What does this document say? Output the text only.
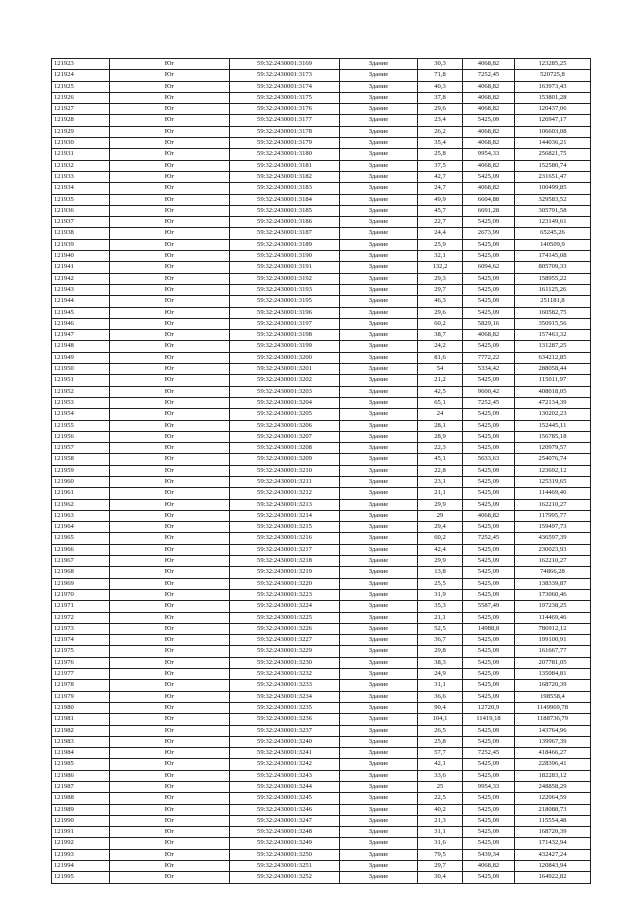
121923	Юг	59:32:2430001:3169	Здание	30,3	4068,82	123285,25
121924	Юг	59:32:2430001:3173	Здание	71,8	7252,45	520725,8
121925	Юг	59:32:2430001:3174	Здание	40,3	4068,82	163973,43
121926	Юг	59:32:2430001:3175	Здание	37,8	4068,82	153801,28
121927	Юг	59:32:2430001:3176	Здание	29,6	4068,82	120437,06
121928	Юг	59:32:2430001:3177	Здание	23,4	5425,09	126947,17
121929	Юг	59:32:2430001:3178	Здание	26,2	4068,82	106603,08
121930	Юг	59:32:2430001:3179	Здание	35,4	4068,82	144036,21
121931	Юг	59:32:2430001:3180	Здание	25,8	9954,33	256821,75
121932	Юг	59:32:2430001:3181	Здание	37,5	4068,82	152580,74
121933	Юг	59:32:2430001:3182	Здание	42,7	5425,09	231651,47
121934	Юг	59:32:2430001:3183	Здание	24,7	4068,82	100499,85
121935	Юг	59:32:2430001:3184	Здание	49,9	6604,88	329583,52
121936	Юг	59:32:2430001:3185	Здание	45,7	6691,28	305791,58
121937	Юг	59:32:2430001:3186	Здание	22,7	5425,09	123149,61
121938	Юг	59:32:2430001:3187	Здание	24,4	2673,99	65245,26
121939	Юг	59:32:2430001:3189	Здание	25,9	5425,09	140509,9
121940	Юг	59:32:2430001:3190	Здание	32,1	5425,09	174145,08
121941	Юг	59:32:2430001:3191	Здание	132,2	6094,62	805709,33
121942	Юг	59:32:2430001:3192	Здание	29,3	5425,09	158955,22
121943	Юг	59:32:2430001:3193	Здание	29,7	5425,09	161125,26
121944	Юг	59:32:2430001:3195	Здание	46,3	5425,09	251181,8
121945	Юг	59:32:2430001:3196	Здание	29,6	5425,09	160582,75
121946	Юг	59:32:2430001:3197	Здание	60,2	5829,16	350915,56
121947	Юг	59:32:2430001:3198	Здание	38,7	4068,82	157463,32
121948	Юг	59:32:2430001:3199	Здание	24,2	5425,09	131287,25
121949	Юг	59:32:2430001:3200	Здание	81,6	7772,22	634212,85
121950	Юг	59:32:2430001:3201	Здание	54	5334,42	288058,44
121951	Юг	59:32:2430001:3202	Здание	21,2	5425,09	115011,97
121952	Юг	59:32:2430001:3203	Здание	42,5	9600,42	408018,05
121953	Юг	59:32:2430001:3204	Здание	65,1	7252,45	472134,39
121954	Юг	59:32:2430001:3205	Здание	24	5425,09	130202,23
121955	Юг	59:32:2430001:3206	Здание	28,1	5425,09	152445,11
121956	Юг	59:32:2430001:3207	Здание	28,9	5425,09	156785,18
121957	Юг	59:32:2430001:3208	Здание	22,3	5425,09	120979,57
121958	Юг	59:32:2430001:3209	Здание	45,1	5633,63	254076,74
121959	Юг	59:32:2430001:3210	Здание	22,8	5425,09	123692,12
121960	Юг	59:32:2430001:3211	Здание	23,1	5425,09	125319,65
121961	Юг	59:32:2430001:3212	Здание	21,1	5425,09	114469,46
121962	Юг	59:32:2430001:3213	Здание	29,9	5425,09	162210,27
121963	Юг	59:32:2430001:3214	Здание	29	4068,82	117995,77
121964	Юг	59:32:2430001:3215	Здание	29,4	5425,09	159497,73
121965	Юг	59:32:2430001:3216	Здание	60,2	7252,45	436597,39
121966	Юг	59:32:2430001:3217	Здание	42,4	5425,09	230023,93
121967	Юг	59:32:2430001:3218	Здание	29,9	5425,09	162210,27
121968	Юг	59:32:2430001:3219	Здание	13,8	5425,09	74866,28
121969	Юг	59:32:2430001:3220	Здание	25,5	5425,09	138339,87
121970	Юг	59:32:2430001:3223	Здание	31,9	5425,09	173060,46
121971	Юг	59:32:2430001:3224	Здание	35,3	5587,49	197238,25
121972	Юг	59:32:2430001:3225	Здание	21,1	5425,09	114469,46
121973	Юг	59:32:2430001:3226	Здание	52,5	14988,8	786912,12
121974	Юг	59:32:2430001:3227	Здание	36,7	5425,09	199100,91
121975	Юг	59:32:2430001:3229	Здание	29,8	5425,09	161667,77
121976	Юг	59:32:2430001:3230	Здание	38,3	5425,09	207781,05
121977	Юг	59:32:2430001:3232	Здание	24,9	5425,09	135084,81
121978	Юг	59:32:2430001:3233	Здание	31,1	5425,09	168720,39
121979	Юг	59:32:2430001:3234	Здание	36,6	5425,09	198558,4
121980	Юг	59:32:2430001:3235	Здание	90,4	12720,9	1149969,78
121981	Юг	59:32:2430001:3236	Здание	104,1	11419,18	1188736,79
121982	Юг	59:32:2430001:3237	Здание	26,5	5425,09	143764,96
121983	Юг	59:32:2430001:3240	Здание	25,8	5425,09	139967,39
121984	Юг	59:32:2430001:3241	Здание	57,7	7252,45	418466,27
121985	Юг	59:32:2430001:3242	Здание	42,1	5425,09	228396,41
121986	Юг	59:32:2430001:3243	Здание	33,6	5425,09	182283,12
121987	Юг	59:32:2430001:3244	Здание	25	9954,33	248858,29
121988	Юг	59:32:2430001:3245	Здание	22,5	5425,09	122064,59
121989	Юг	59:32:2430001:3246	Здание	40,2	5425,09	218088,73
121990	Юг	59:32:2430001:3247	Здание	21,3	5425,09	115554,48
121991	Юг	59:32:2430001:3248	Здание	31,1	5425,09	168720,39
121992	Юг	59:32:2430001:3249	Здание	31,6	5425,09	171432,94
121993	Юг	59:32:2430001:3250	Здание	79,5	5439,34	432427,24
121994	Юг	59:32:2430001:3251	Здание	29,7	4068,82	120843,94
121995	Юг	59:32:2430001:3252	Здание	30,4	5425,09	164922,82
